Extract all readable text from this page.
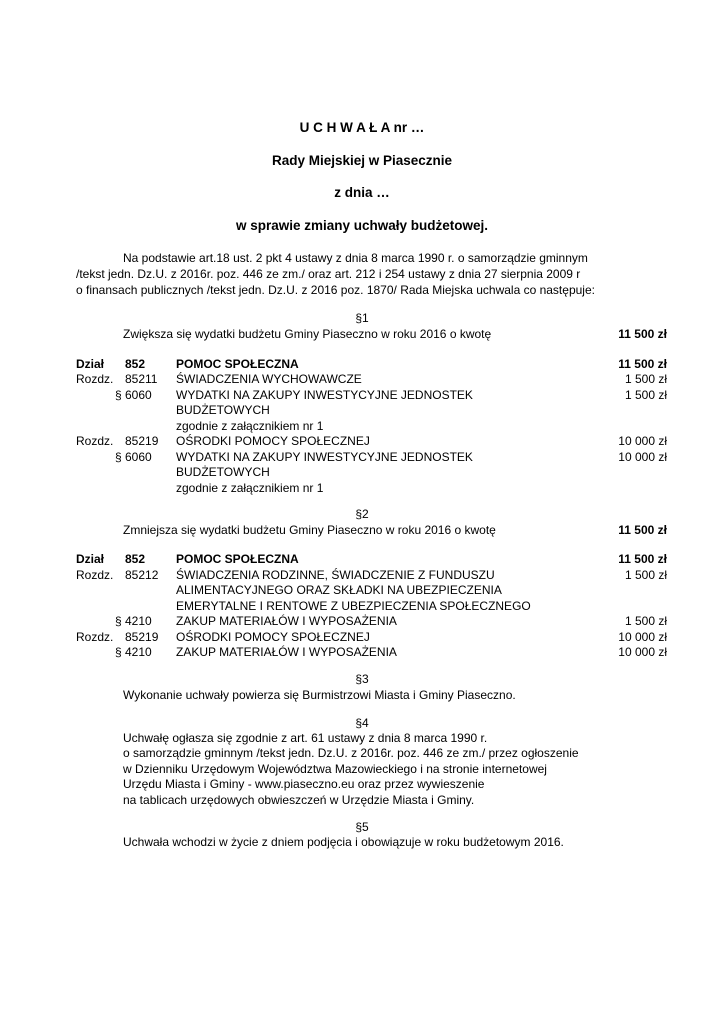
U C H W A Ł A nr …
Rady Miejskiej w Piasecznie
z dnia …
w sprawie zmiany uchwały budżetowej.
Na podstawie art.18 ust. 2 pkt 4 ustawy z dnia 8 marca 1990 r. o samorządzie gminnym
/tekst jedn. Dz.U. z 2016r. poz. 446 ze zm./ oraz art. 212 i 254 ustawy z dnia 27 sierpnia 2009 r
o finansach publicznych /tekst jedn. Dz.U. z 2016 poz. 1870/ Rada Miejska uchwala co następuje:
§1
Zwiększa się wydatki budżetu Gminy Piaseczno w roku 2016 o kwotę	11 500 zł
Dział 852	POMOC SPOŁECZNA	11 500 zł
Rozdz. 85211 ŚWIADCZENIA WYCHOWAWCZE	1 500 zł
§ 6060 WYDATKI NA ZAKUPY INWESTYCYJNE JEDNOSTEK	1 500 zł
BUDŻETOWYCH
zgodnie z załącznikiem nr 1
Rozdz. 85219 OŚRODKI POMOCY SPOŁECZNEJ	10 000 zł
§ 6060 WYDATKI NA ZAKUPY INWESTYCYJNE JEDNOSTEK	10 000 zł
BUDŻETOWYCH
zgodnie z załącznikiem nr 1
§2
Zmniejsza się wydatki budżetu Gminy Piaseczno w roku 2016 o kwotę	11 500 zł
Dział 852	POMOC SPOŁECZNA	11 500 zł
Rozdz. 85212 ŚWIADCZENIA RODZINNE, ŚWIADCZENIE Z FUNDUSZU	1 500 zł
ALIMENTACYJNEGO ORAZ SKŁADKI NA UBEZPIECZENIA
EMERYTALNE I RENTOWE Z UBEZPIECZENIA SPOŁECZNEGO
§ 4210 ZAKUP MATERIAŁÓW I WYPOSAŻENIA	1 500 zł
Rozdz. 85219 OŚRODKI POMOCY SPOŁECZNEJ	10 000 zł
§ 4210 ZAKUP MATERIAŁÓW I WYPOSAŻENIA	10 000 zł
§3
Wykonanie uchwały powierza się Burmistrzowi Miasta i Gminy Piaseczno.
§4
Uchwałę ogłasza się zgodnie z art. 61 ustawy z dnia 8 marca 1990 r.
o samorządzie gminnym /tekst jedn. Dz.U. z 2016r. poz. 446 ze zm./ przez ogłoszenie
w Dzienniku Urzędowym Województwa Mazowieckiego i na stronie internetowej
Urzędu Miasta i Gminy - www.piaseczno.eu oraz przez wywieszenie
na tablicach urzędowych obwieszczeń w Urzędzie Miasta i Gminy.
§5
Uchwała wchodzi w życie z dniem podjęcia i obowiązuje w roku budżetowym 2016.
